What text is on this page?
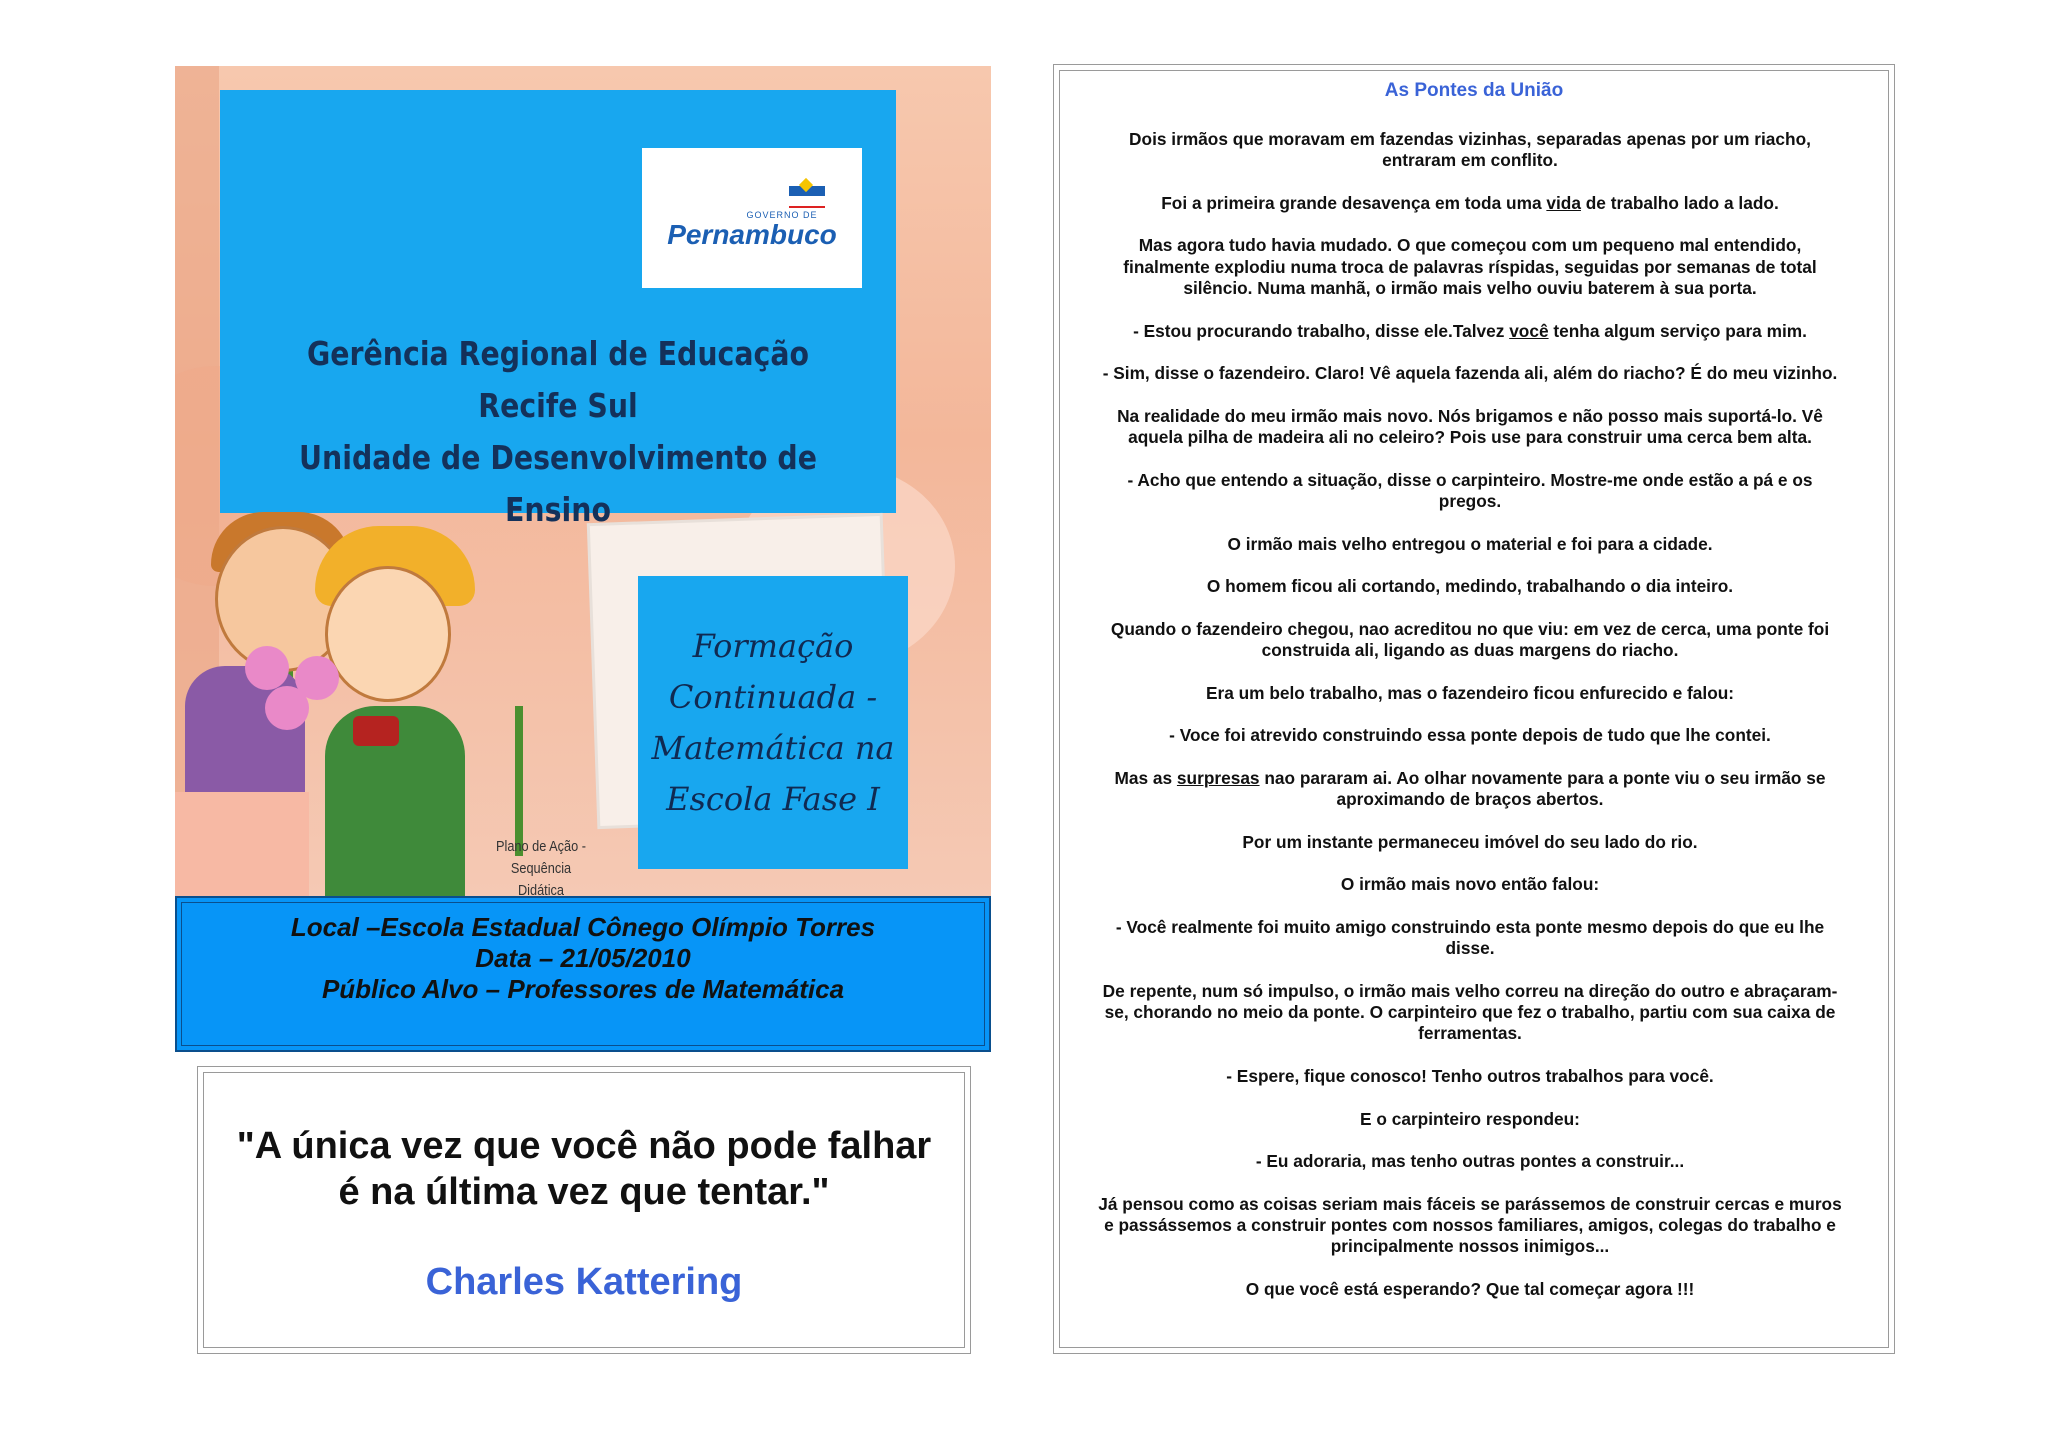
GOVERNO DE
Pernambuco
Gerência Regional de Educação Recife Sul
Unidade de Desenvolvimento de Ensino
Formação
Continuada -
Matemática na
Escola Fase I
Plano de Ação - Sequência
Didática
Local –Escola Estadual Cônego Olímpio Torres
Data – 21/05/2010
Público Alvo – Professores de Matemática
"A única vez que você não pode falhar
é na última vez que tentar."
Charles Kattering
As Pontes da União

Dois irmãos que moravam em fazendas vizinhas, separadas apenas por um riacho,
entraram em conflito.

Foi a primeira grande desavença em toda uma vida de trabalho lado a lado.

Mas agora tudo havia mudado. O que começou com um pequeno mal entendido,
finalmente explodiu numa troca de palavras ríspidas, seguidas por semanas de total
silêncio. Numa manhã, o irmão mais velho ouviu baterem à sua porta.

- Estou procurando trabalho, disse ele.Talvez você tenha algum serviço para mim.

- Sim, disse o fazendeiro. Claro! Vê aquela fazenda ali, além do riacho? É do meu vizinho.

Na realidade do meu irmão mais novo. Nós brigamos e não posso mais suportá-lo. Vê
aquela pilha de madeira ali no celeiro? Pois use para construir uma cerca bem alta.

- Acho que entendo a situação, disse o carpinteiro. Mostre-me onde estão a pá e os
pregos.

O irmão mais velho entregou o material e foi para a cidade.

O homem ficou ali cortando, medindo, trabalhando o dia inteiro.

Quando o fazendeiro chegou, nao acreditou no que viu: em vez de cerca, uma ponte foi
construida ali, ligando as duas margens do riacho.

Era um belo trabalho, mas o fazendeiro ficou enfurecido e falou:

- Voce foi atrevido construindo essa ponte depois de tudo que lhe contei.

Mas as surpresas nao pararam ai. Ao olhar novamente para a ponte viu o seu irmão se
aproximando de braços abertos.

Por um instante permaneceu imóvel do seu lado do rio.

O irmão mais novo então falou:

- Você realmente foi muito amigo construindo esta ponte mesmo depois do que eu lhe
disse.

De repente, num só impulso, o irmão mais velho correu na direção do outro e abraçaram-
se, chorando no meio da ponte. O carpinteiro que fez o trabalho, partiu com sua caixa de
ferramentas.

- Espere, fique conosco! Tenho outros trabalhos para você.

E o carpinteiro respondeu:

- Eu adoraria, mas tenho outras pontes a construir...

Já pensou como as coisas seriam mais fáceis se parássemos de construir cercas e muros
e passássemos a construir pontes com nossos familiares, amigos, colegas do trabalho e
principalmente nossos inimigos...

O que você está esperando? Que tal começar agora !!!
